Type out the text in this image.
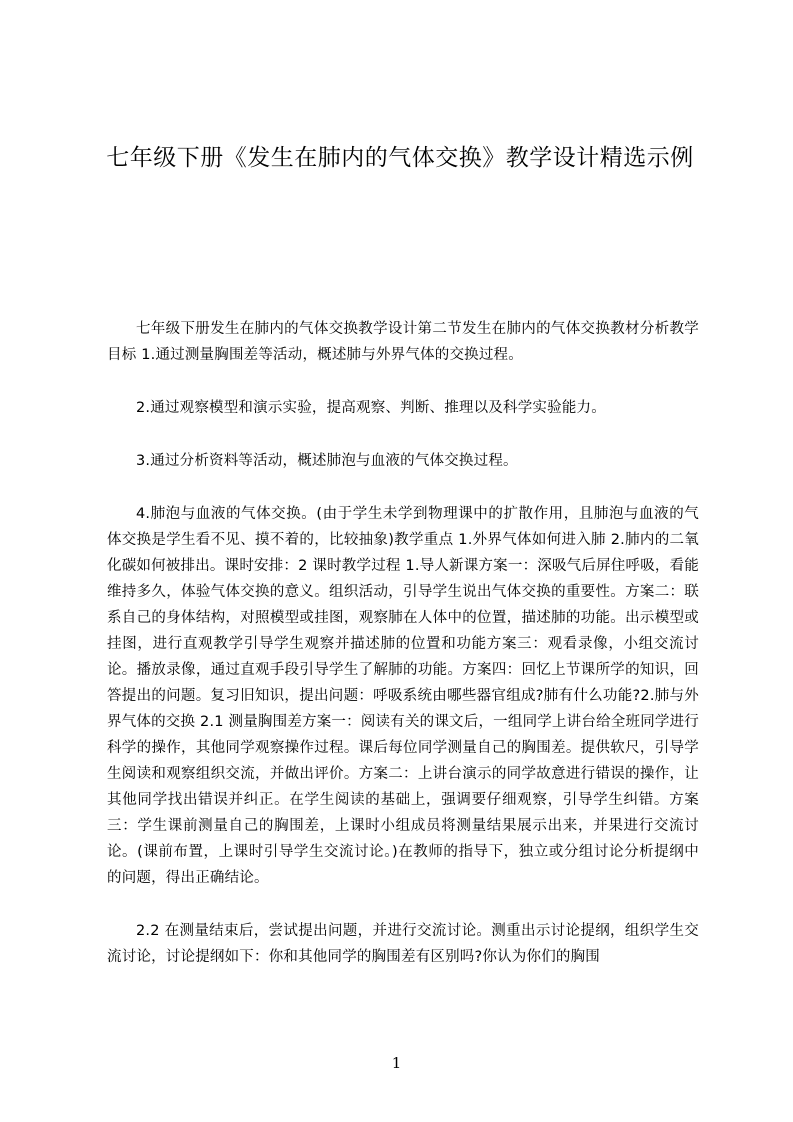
七年级下册《发生在肺内的气体交换》教学设计精选示例

七年级下册发生在肺内的气体交换教学设计第二节发生在肺内的气体交换教材分析教学目标 1.通过测量胸围差等活动，概述肺与外界气体的交换过程。

2.通过观察模型和演示实验，提高观察、判断、推理以及科学实验能力。

3.通过分析资料等活动，概述肺泡与血液的气体交换过程。

4.肺泡与血液的气体交换。(由于学生未学到物理课中的扩散作用，且肺泡与血液的气体交换是学生看不见、摸不着的，比较抽象)教学重点 1.外界气体如何进入肺 2.肺内的二氧化碳如何被排出。课时安排：2 课时教学过程 1.导人新课方案一：深吸气后屏住呼吸，看能维持多久，体验气体交换的意义。组织活动，引导学生说出气体交换的重要性。方案二：联系自己的身体结构，对照模型或挂图，观察肺在人体中的位置，描述肺的功能。出示模型或挂图，进行直观教学引导学生观察并描述肺的位置和功能方案三：观看录像，小组交流讨论。播放录像，通过直观手段引导学生了解肺的功能。方案四：回忆上节课所学的知识，回答提出的问题。复习旧知识，提出问题：呼吸系统由哪些器官组成?肺有什么功能?2.肺与外界气体的交换 2.1 测量胸围差方案一：阅读有关的课文后，一组同学上讲台给全班同学进行科学的操作，其他同学观察操作过程。课后每位同学测量自己的胸围差。提供软尺，引导学生阅读和观察组织交流，并做出评价。方案二：上讲台演示的同学故意进行错误的操作，让其他同学找出错误并纠正。在学生阅读的基础上，强调要仔细观察，引导学生纠错。方案三：学生课前测量自己的胸围差，上课时小组成员将测量结果展示出来，并果进行交流讨论。(课前布置，上课时引导学生交流讨论。)在教师的指导下，独立或分组讨论分析提纲中的问题，得出正确结论。

2.2 在测量结束后，尝试提出问题，并进行交流讨论。测重出示讨论提纲，组织学生交流讨论，讨论提纲如下：你和其他同学的胸围差有区别吗?你认为你们的胸围

1
